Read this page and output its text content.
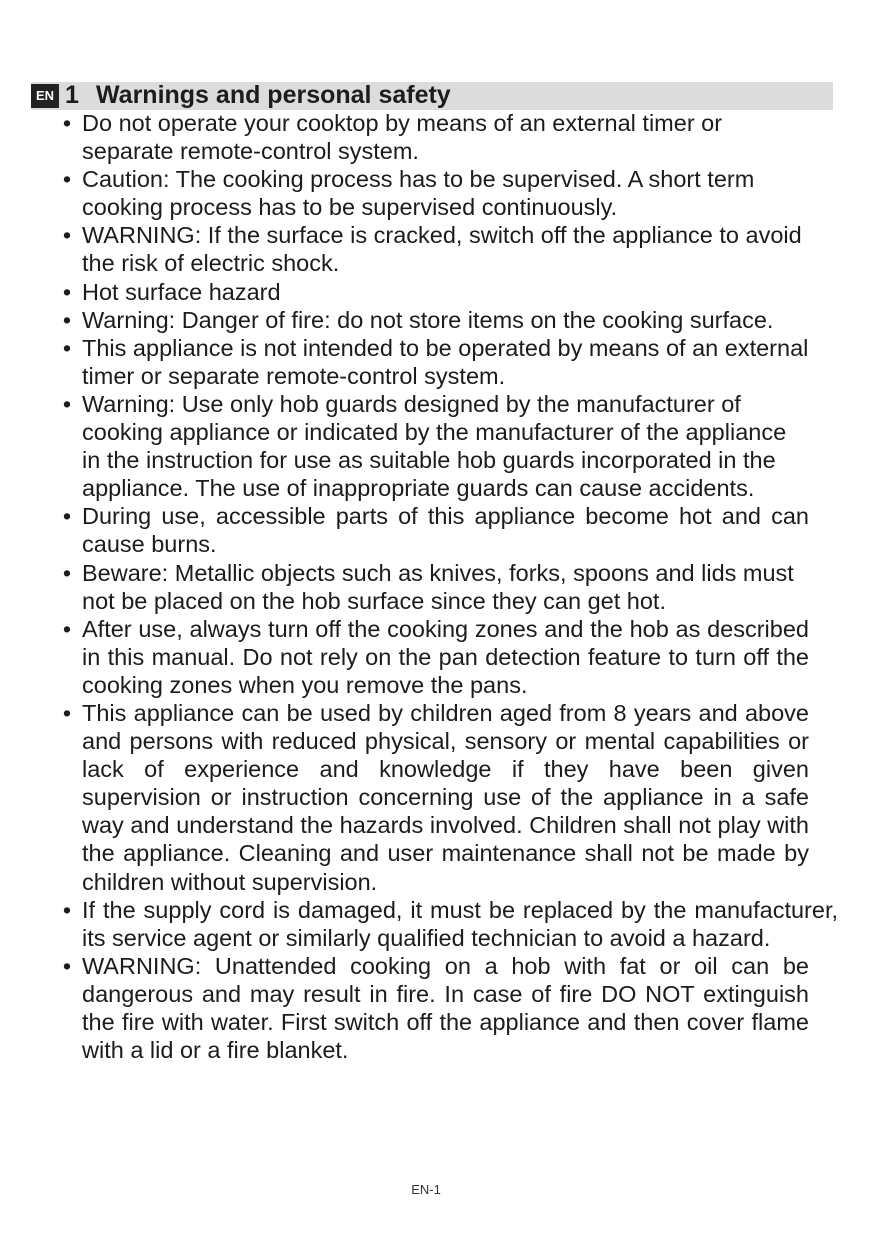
EN 1 Warnings and personal safety
• Do not operate your cooktop by means of an external timer or separate remote-control system.
• Caution: The cooking process has to be supervised. A short term cooking process has to be supervised continuously.
• WARNING: If the surface is cracked, switch off the appliance to avoid the risk of electric shock.
• Hot surface hazard
• Warning: Danger of fire: do not store items on the cooking surface.
• This appliance is not intended to be operated by means of an external timer or separate remote-control system.
• Warning: Use only hob guards designed by the manufacturer of cooking appliance or indicated by the manufacturer of the appliance in the instruction for use as suitable hob guards incorporated in the appliance. The use of inappropriate guards can cause accidents.
• During use, accessible parts of this appliance become hot and can cause burns.
• Beware: Metallic objects such as knives, forks, spoons and lids must not be placed on the hob surface since they can get hot.
• After use, always turn off the cooking zones and the hob as described in this manual. Do not rely on the pan detection feature to turn off the cooking zones when you remove the pans.
• This appliance can be used by children aged from 8 years and above and persons with reduced physical, sensory or mental capabilities or lack of experience and knowledge if they have been given supervision or instruction concerning use of the appliance in a safe way and understand the hazards involved. Children shall not play with the appliance. Cleaning and user maintenance shall not be made by children without supervision.
• If the supply cord is damaged, it must be replaced by the manufacturer, its service agent or similarly qualified technician to avoid a hazard.
• WARNING: Unattended cooking on a hob with fat or oil can be dangerous and may result in fire. In case of fire DO NOT extinguish the fire with water. First switch off the appliance and then cover flame with a lid or a fire blanket.
EN-1
